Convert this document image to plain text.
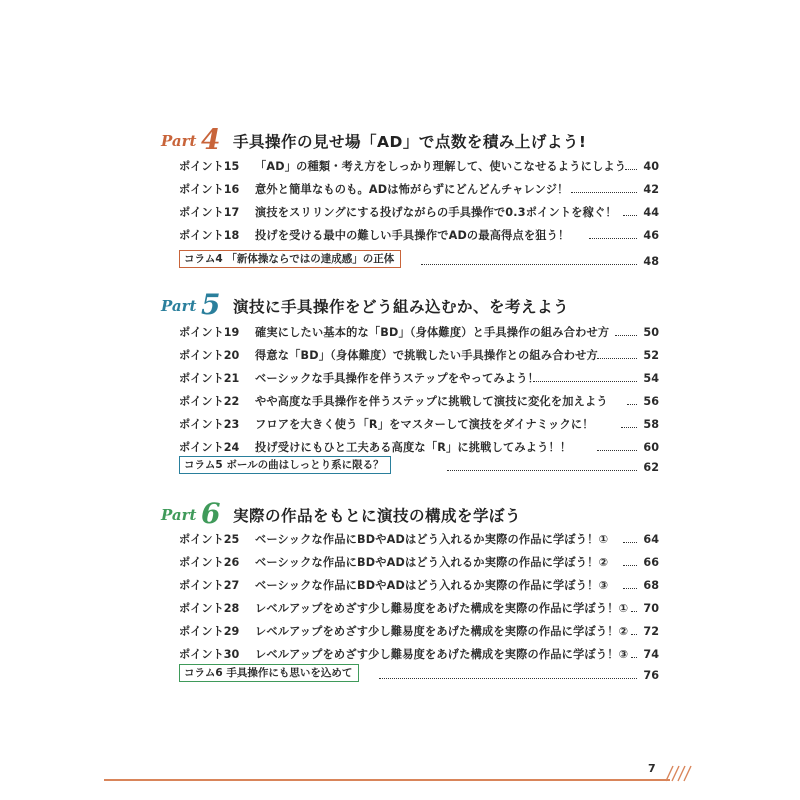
Part 4 手具操作の見せ場「AD」で点数を積み上げよう!
ポイント15 「AD」の種類・考え方をしっかり理解して、使いこなせるようにしよう	40
ポイント16 意外と簡単なものも。ADは怖がらずにどんどんチャレンジ！	42
ポイント17 演技をスリリングにする投げながらの手具操作で0.3ポイントを稼ぐ！	44
ポイント18 投げを受ける最中の難しい手具操作でADの最高得点を狙う！	46
コラム4 「新体操ならではの達成感」の正体	48
Part 5 演技に手具操作をどう組み込むか、を考えよう
ポイント19 確実にしたい基本的な「BD」（身体難度）と手具操作の組み合わせ方	50
ポイント20 得意な「BD」（身体難度）で挑戦したい手具操作との組み合わせ方	52
ポイント21 ベーシックな手具操作を伴うステップをやってみよう！	54
ポイント22 やや高度な手具操作を伴うステップに挑戦して演技に変化を加えよう	56
ポイント23 フロアを大きく使う「R」をマスターして演技をダイナミックに！	58
ポイント24 投げ受けにもひと工夫ある高度な「R」に挑戦してみよう！！	60
コラム5 ボールの曲はしっとり系に限る？	62
Part 6 実際の作品をもとに演技の構成を学ぼう
ポイント25 ベーシックな作品にBDやADはどう入れるか実際の作品に学ぼう！①	64
ポイント26 ベーシックな作品にBDやADはどう入れるか実際の作品に学ぼう！②	66
ポイント27 ベーシックな作品にBDやADはどう入れるか実際の作品に学ぼう！③	68
ポイント28 レベルアップをめざす少し難易度をあげた構成を実際の作品に学ぼう！①	70
ポイント29 レベルアップをめざす少し難易度をあげた構成を実際の作品に学ぼう！②	72
ポイント30 レベルアップをめざす少し難易度をあげた構成を実際の作品に学ぼう！③	74
コラム6 手具操作にも思いを込めて	76
7
